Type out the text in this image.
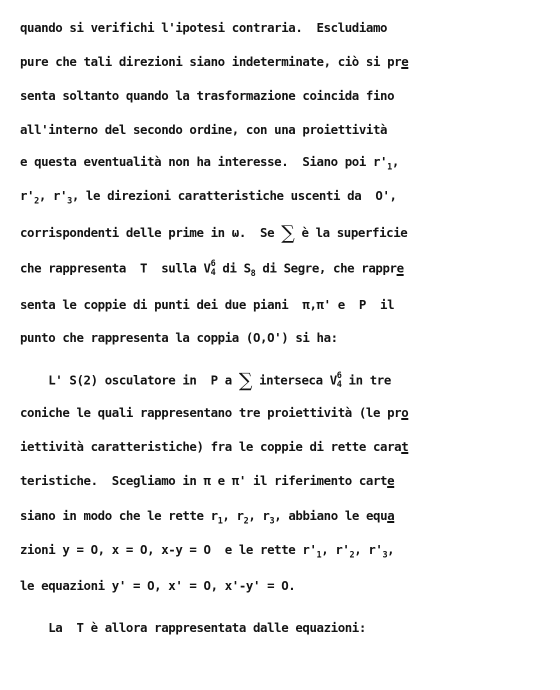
quando si verifichi l'ipotesi contraria.  Escludiamo
pure che tali direzioni siano indeterminate, ciò si pre
senta soltanto quando la trasformazione coincida fino
all'interno del secondo ordine, con una proiettività
e questa eventualità non ha interesse.  Siano poi $r'_1$,
$r'_2$, $r'_3$, le direzioni caratteristiche uscenti da  O',
corrispondenti delle prime in ω.  Se ∑ è la superficie
che rappresenta  T  sulla V 6
4 di $S_8$ di Segre, che rappre
senta le coppie di punti dei due piani  π,π' e  P  il
punto che rappresenta la coppia (O,O') si ha:
L' S(2) osculatore in  P a ∑ interseca V 6
4 in tre
coniche le quali rappresentano tre proiettività (le pro
iettività caratteristiche) fra le coppie di rette carat
teristiche.  Scegliamo in π e π' il riferimento carte
siano in modo che le rette $r_1$, $r_2$, $r_3$, abbiano le equa
zioni y = O, x = O, x-y = O  e le rette $r'_1$, $r'_2$, $r'_3$,
le equazioni y' = O, x' = O, x'-y' = O.
La  T è allora rappresentata dalle equazioni:
